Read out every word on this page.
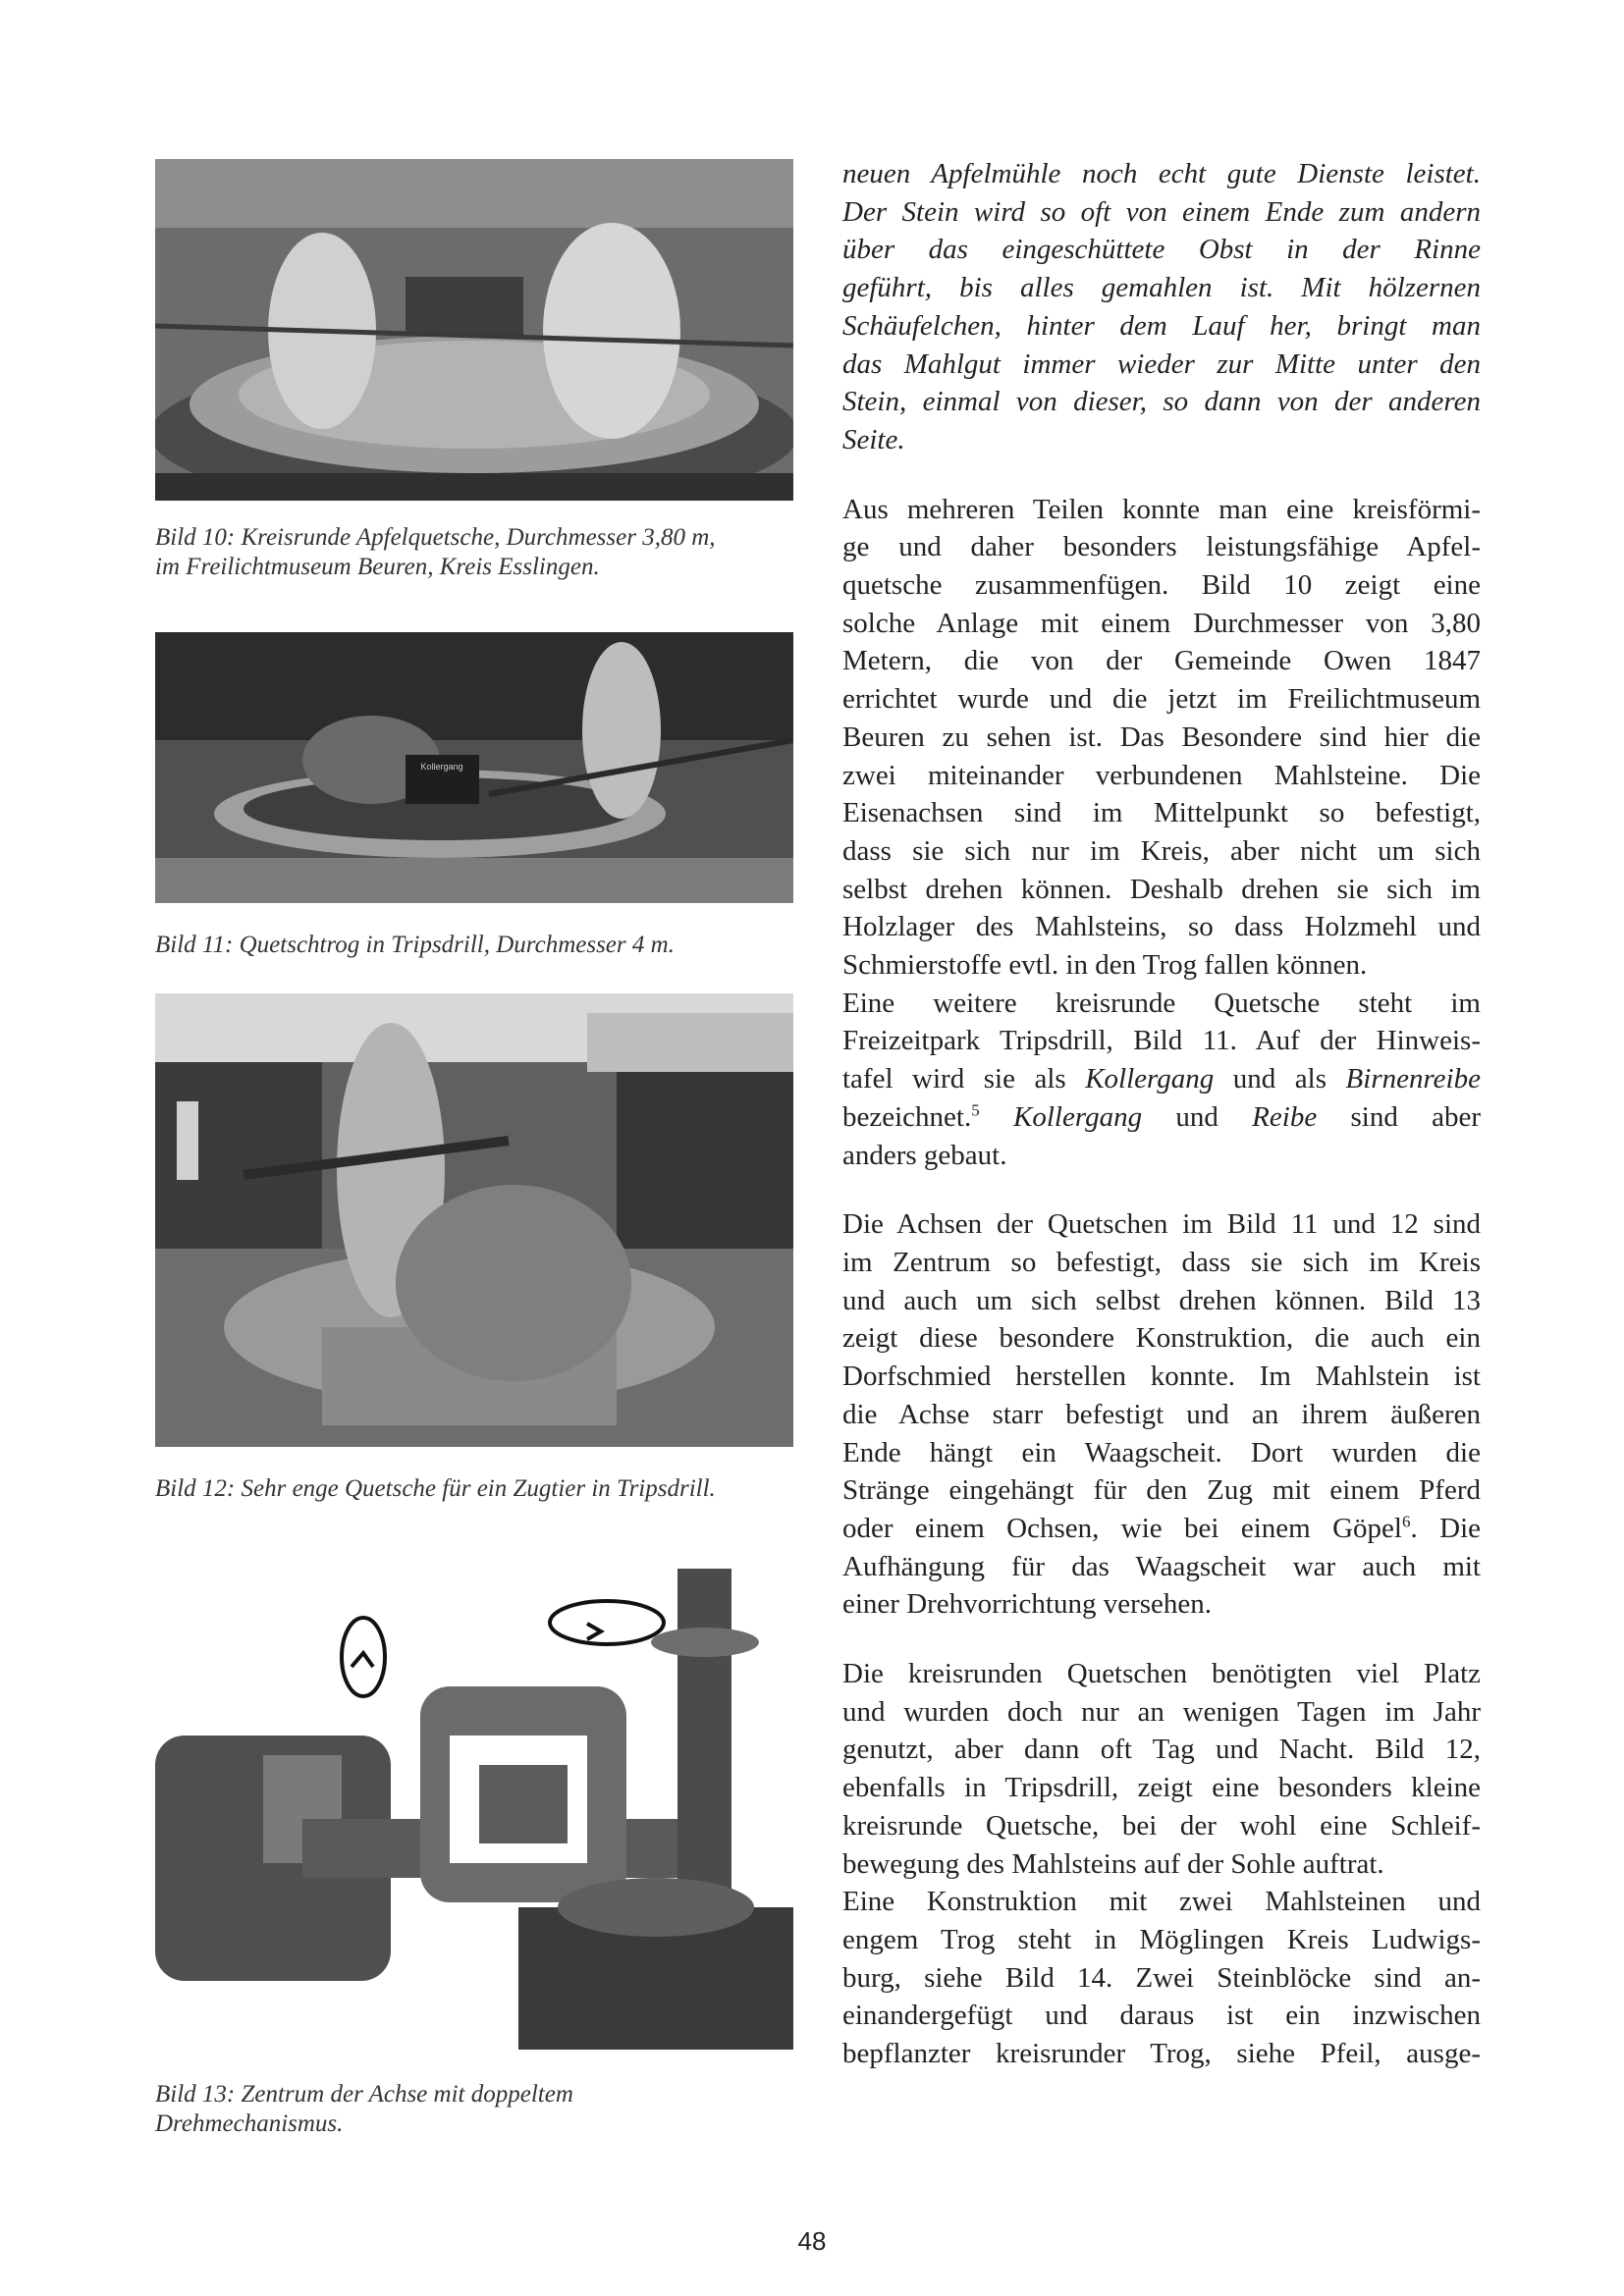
Bild 10: Kreisrunde Apfelquetsche, Durchmesser 3,80 m,
im Freilichtmuseum Beuren, Kreis Esslingen.
Kollergang
Bild 11: Quetschtrog in Tripsdrill, Durchmesser 4 m.
Bild 12: Sehr enge Quetsche für ein Zugtier in Tripsdrill.
Bild 13: Zentrum der Achse mit doppeltem
Drehmechanismus.

neuen Apfelmühle noch echt gute Dienste leistet.
Der Stein wird so oft von einem Ende zum andern
über das eingeschüttete Obst in der Rinne
geführt, bis alles gemahlen ist. Mit hölzernen
Schäufelchen, hinter dem Lauf her, bringt man
das Mahlgut immer wieder zur Mitte unter den
Stein, einmal von dieser, so dann von der anderen
Seite.

Aus mehreren Teilen konnte man eine kreisförmi-
ge und daher besonders leistungsfähige Apfel-
quetsche zusammenfügen. Bild 10 zeigt eine
solche Anlage mit einem Durchmesser von 3,80
Metern, die von der Gemeinde Owen 1847
errichtet wurde und die jetzt im Freilichtmuseum
Beuren zu sehen ist. Das Besondere sind hier die
zwei miteinander verbundenen Mahlsteine. Die
Eisenachsen sind im Mittelpunkt so befestigt,
dass sie sich nur im Kreis, aber nicht um sich
selbst drehen können. Deshalb drehen sie sich im
Holzlager des Mahlsteins, so dass Holzmehl und
Schmierstoffe evtl. in den Trog fallen können.
Eine weitere kreisrunde Quetsche steht im
Freizeitpark Tripsdrill, Bild 11. Auf der Hinweis-
tafel wird sie als Kollergang und als Birnenreibe
bezeichnet.$^5$ Kollergang und Reibe sind aber
anders gebaut.

Die Achsen der Quetschen im Bild 11 und 12 sind
im Zentrum so befestigt, dass sie sich im Kreis
und auch um sich selbst drehen können. Bild 13
zeigt diese besondere Konstruktion, die auch ein
Dorfschmied herstellen konnte. Im Mahlstein ist
die Achse starr befestigt und an ihrem äußeren
Ende hängt ein Waagscheit. Dort wurden die
Stränge eingehängt für den Zug mit einem Pferd
oder einem Ochsen, wie bei einem Göpel$^6$. Die
Aufhängung für das Waagscheit war auch mit
einer Drehvorrichtung versehen.

Die kreisrunden Quetschen benötigten viel Platz
und wurden doch nur an wenigen Tagen im Jahr
genutzt, aber dann oft Tag und Nacht. Bild 12,
ebenfalls in Tripsdrill, zeigt eine besonders kleine
kreisrunde Quetsche, bei der wohl eine Schleif-
bewegung des Mahlsteins auf der Sohle auftrat.
Eine Konstruktion mit zwei Mahlsteinen und
engem Trog steht in Möglingen Kreis Ludwigs-
burg, siehe Bild 14. Zwei Steinblöcke sind an-
einandergefügt und daraus ist ein inzwischen
bepflanzter kreisrunder Trog, siehe Pfeil, ausge-

48
